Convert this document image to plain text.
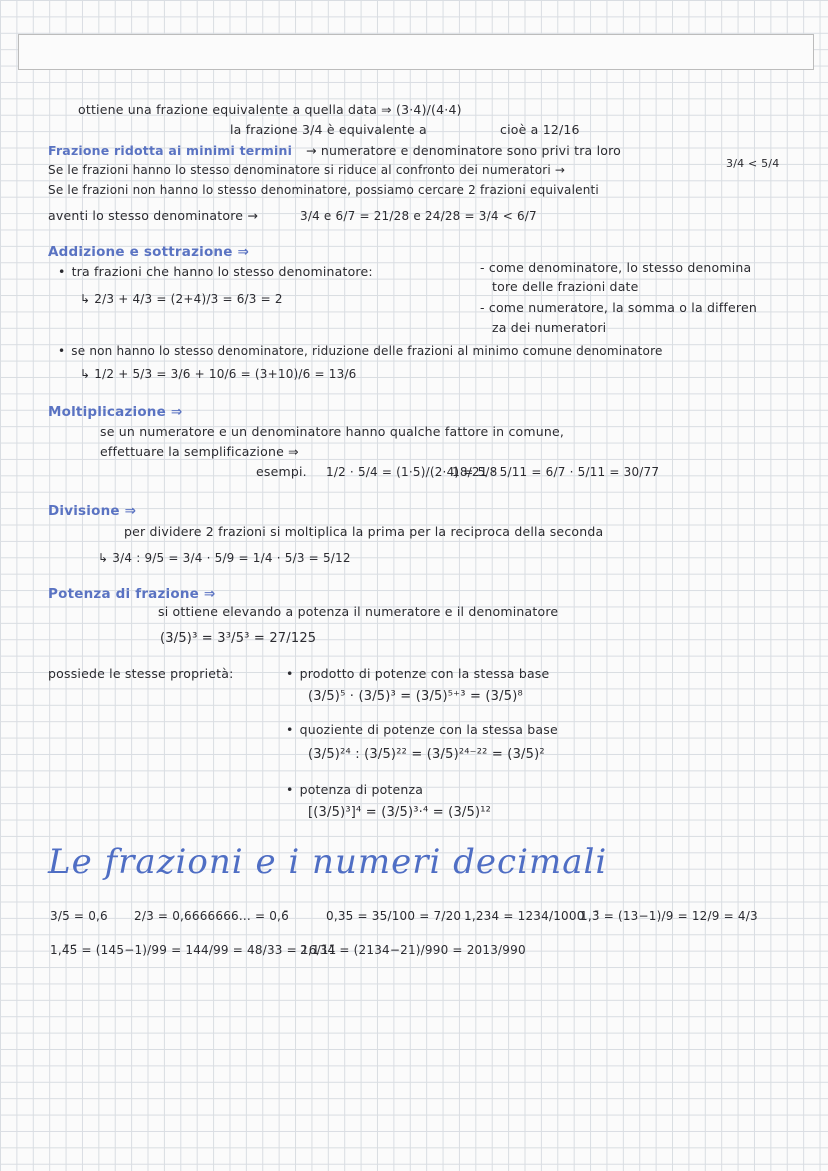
ottiene una frazione equivalente a quella data ⇒ (3·4)/(4·4)
la frazione 3/4 è equivalente a	cioè a 12/16
Frazione ridotta ai minimi termini → numeratore e denominatore sono privi tra loro
Se le frazioni hanno lo stesso denominatore si riduce al confronto dei numeratori →	3/4 < 5/4
Se le frazioni non hanno lo stesso denominatore, possiamo cercare 2 frazioni equivalenti
aventi lo stesso denominatore →	3/4 e 6/7 = 21/28 e 24/28 = 3/4 < 6/7
Addizione e sottrazione ⇒
• tra frazioni che hanno lo stesso denominatore:	- come denominatore, lo stesso denomina
tore delle frazioni date
- come numeratore, la somma o la differen
za dei numeratori
↳ 2/3 + 4/3 = (2+4)/3 = 6/3 = 2
• se non hanno lo stesso denominatore, riduzione delle frazioni al minimo comune denominatore
↳ 1/2 + 5/3 = 3/6 + 10/6 = (3+10)/6 = 13/6
Moltiplicazione ⇒
se un numeratore e un denominatore hanno qualche fattore in comune,
effettuare la semplificazione ⇒
esempi. 1/2 · 5/4 = (1·5)/(2·4) = 5/8
18/21 · 5/11 = 6/7 · 5/11 = 30/77
Divisione ⇒
per dividere 2 frazioni si moltiplica la prima per la reciproca della seconda
↳ 3/4 : 9/5 = 3/4 · 5/9 = 1/4 · 5/3 = 5/12
Potenza di frazione ⇒
si ottiene elevando a potenza il numeratore e il denominatore
(3/5)³ = 3³/5³ = 27/125
possiede le stesse proprietà:
•	prodotto di potenze con la stessa base
(3/5)⁵ · (3/5)³ = (3/5)⁵⁺³ = (3/5)⁸
• quoziente di potenze con la stessa base
(3/5)²⁴ : (3/5)²² = (3/5)²⁴⁻²² = (3/5)²
• potenza di potenza
[(3/5)³]⁴ = (3/5)³·⁴ = (3/5)¹²
Le frazioni e i numeri decimali
3/5 = 0,6 2/3 = 0,6666666... = 0,6̄	0,35 = 35/100 = 7/20 1,234 = 1234/1000
1,3̄ = (13−1)/9 = 12/9 = 4/3
1,4̄5̄ = (145−1)/99 = 144/99 = 48/33 = 16/11
2,13̄4̄ = (2134−21)/990 = 2013/990
